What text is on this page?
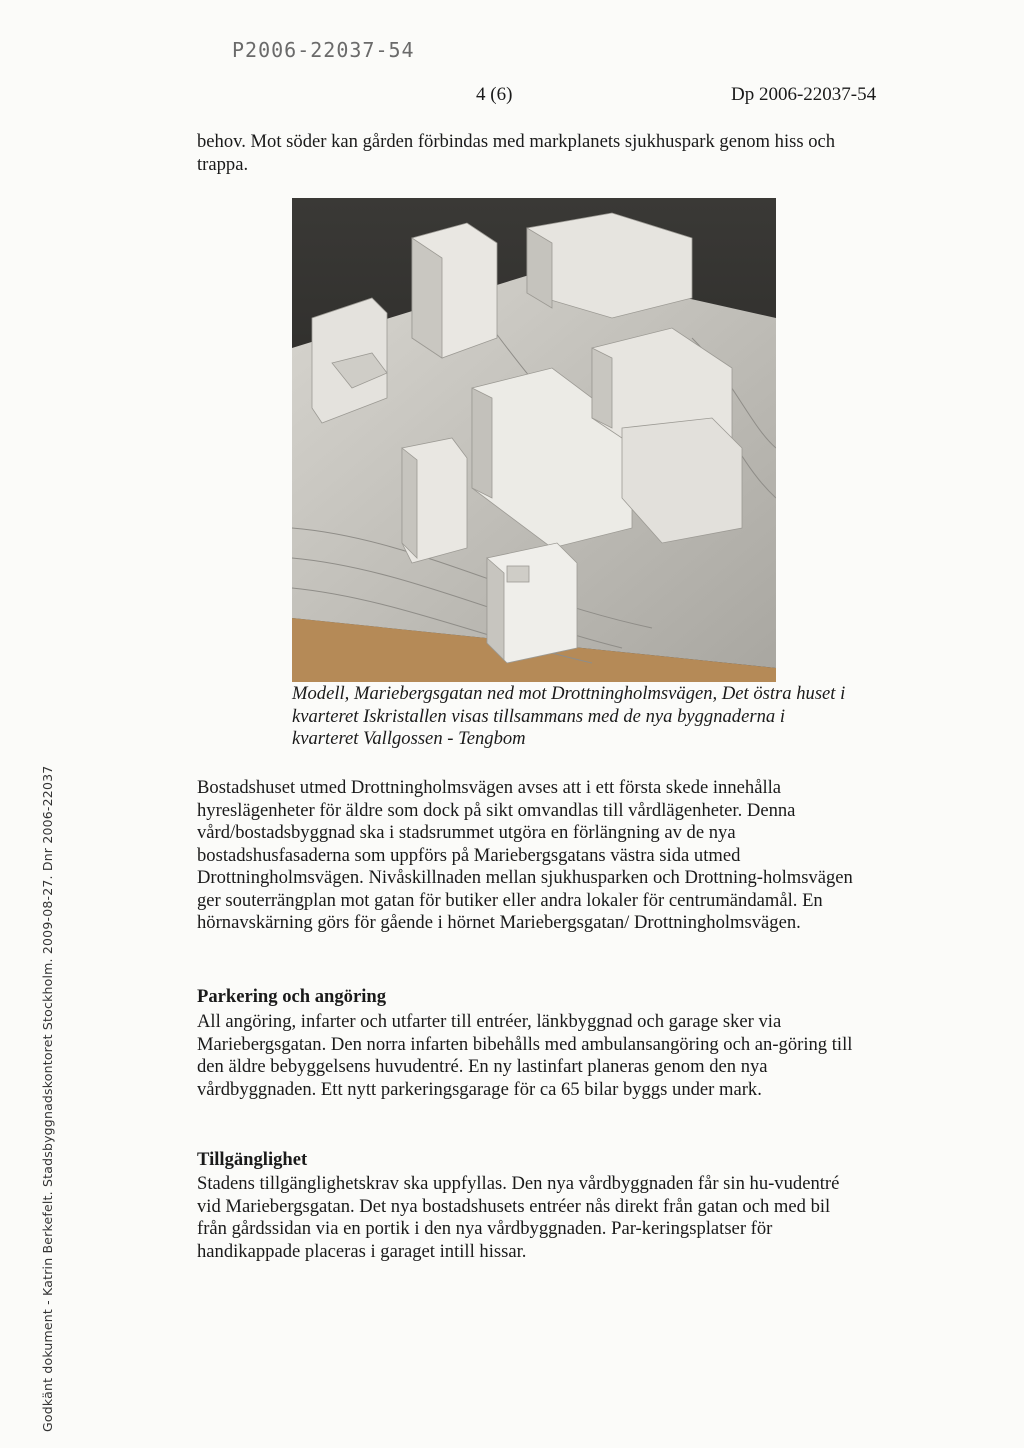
P2006-22037-54
4 (6)	Dp 2006-22037-54

behov. Mot söder kan gården förbindas med markplanets sjukhuspark genom hiss och trappa.

Modell, Mariebergsgatan ned mot Drottningholmsvägen, Det östra huset i kvarteret Iskristallen visas tillsammans med de nya byggnaderna i kvarteret Vallgossen - Tengbom

Bostadshuset utmed Drottningholmsvägen avses att i ett första skede innehålla hyreslägenheter för äldre som dock på sikt omvandlas till vårdlägenheter. Denna vård/bostadsbyggnad ska i stadsrummet utgöra en förlängning av de nya bostadshusfasaderna som uppförs på Mariebergsgatans västra sida utmed Drottningholmsvägen. Nivåskillnaden mellan sjukhusparken och Drottning-holmsvägen ger souterrängplan mot gatan för butiker eller andra lokaler för centrumändamål. En hörnavskärning görs för gående i hörnet Mariebergsgatan/ Drottningholmsvägen.

Parkering och angöring

All angöring, infarter och utfarter till entréer, länkbyggnad och garage sker via Mariebergsgatan. Den norra infarten bibehålls med ambulansangöring och an-göring till den äldre bebyggelsens huvudentré. En ny lastinfart planeras genom den nya vårdbyggnaden. Ett nytt parkeringsgarage för ca 65 bilar byggs under mark.

Tillgänglighet

Stadens tillgänglighetskrav ska uppfyllas. Den nya vårdbyggnaden får sin hu-vudentré vid Mariebergsgatan. Det nya bostadshusets entréer nås direkt från gatan och med bil från gårdssidan via en portik i den nya vårdbyggnaden. Par-keringsplatser för handikappade placeras i garaget intill hissar.

Godkänt dokument - Katrin Berkefelt. Stadsbyggnadskontoret Stockholm. 2009-08-27. Dnr 2006-22037
